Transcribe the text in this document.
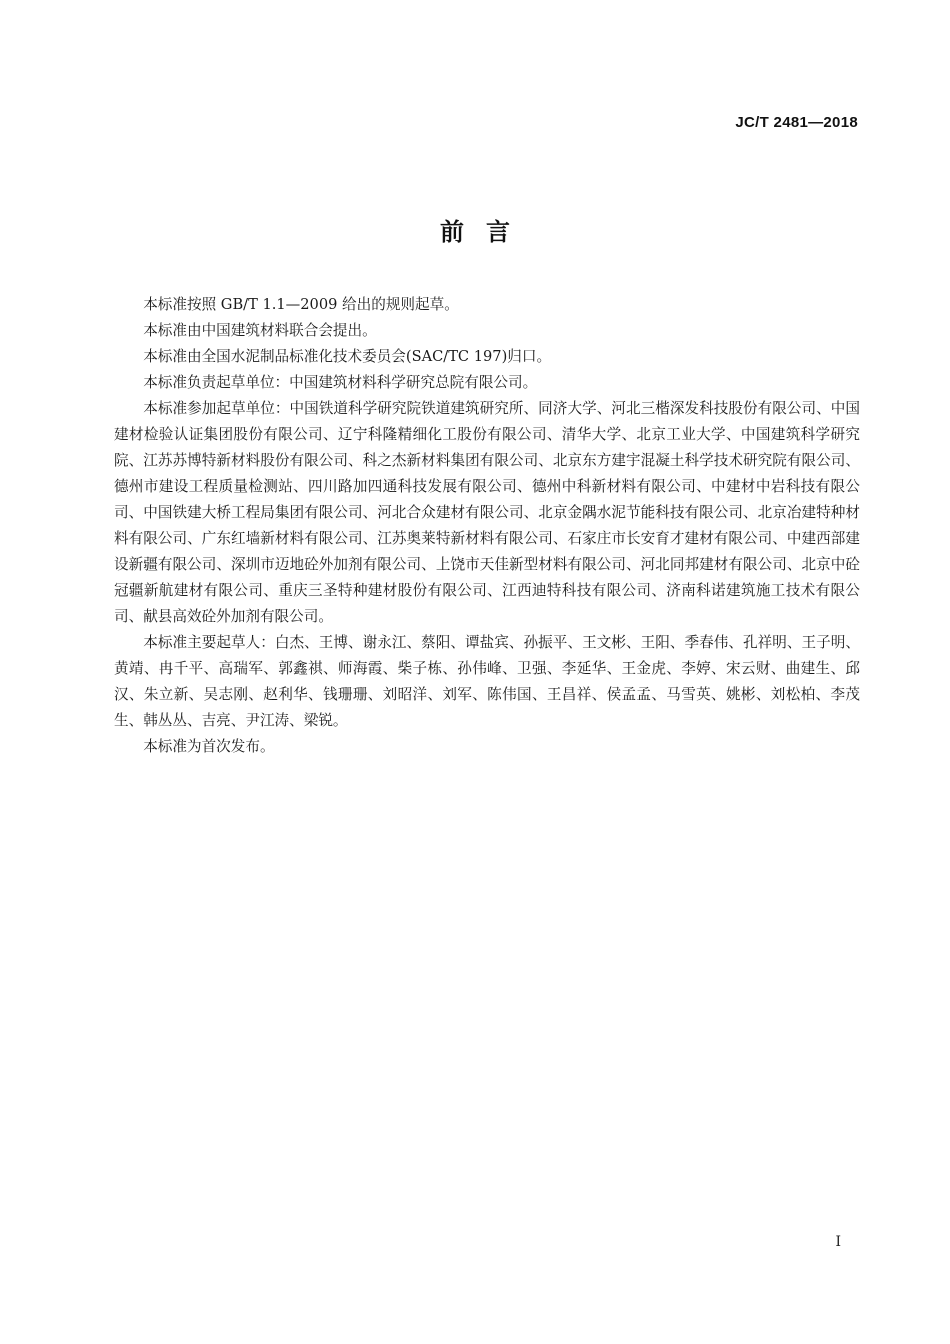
JC/T 2481—2018
前言

本标准按照 GB/T 1.1—2009 给出的规则起草。

本标准由中国建筑材料联合会提出。

本标准由全国水泥制品标准化技术委员会(SAC/TC 197)归口。

本标准负责起草单位：中国建筑材料科学研究总院有限公司。

本标准参加起草单位：中国铁道科学研究院铁道建筑研究所、同济大学、河北三楷深发科技股份有限公司、中国建材检验认证集团股份有限公司、辽宁科隆精细化工股份有限公司、清华大学、北京工业大学、中国建筑科学研究院、江苏苏博特新材料股份有限公司、科之杰新材料集团有限公司、北京东方建宇混凝土科学技术研究院有限公司、德州市建设工程质量检测站、四川路加四通科技发展有限公司、德州中科新材料有限公司、中建材中岩科技有限公司、中国铁建大桥工程局集团有限公司、河北合众建材有限公司、北京金隅水泥节能科技有限公司、北京冶建特种材料有限公司、广东红墙新材料有限公司、江苏奥莱特新材料有限公司、石家庄市长安育才建材有限公司、中建西部建设新疆有限公司、深圳市迈地砼外加剂有限公司、上饶市天佳新型材料有限公司、河北同邦建材有限公司、北京中砼冠疆新航建材有限公司、重庆三圣特种建材股份有限公司、江西迪特科技有限公司、济南科诺建筑施工技术有限公司、献县高效砼外加剂有限公司。

本标准主要起草人：白杰、王博、谢永江、蔡阳、谭盐宾、孙振平、王文彬、王阳、季春伟、孔祥明、王子明、黄靖、冉千平、高瑞军、郭鑫祺、师海霞、柴子栋、孙伟峰、卫强、李延华、王金虎、李婷、宋云财、曲建生、邱汉、朱立新、吴志刚、赵利华、钱珊珊、刘昭洋、刘军、陈伟国、王昌祥、侯孟孟、马雪英、姚彬、刘松柏、李茂生、韩丛丛、吉亮、尹江涛、梁锐。

本标准为首次发布。

I
